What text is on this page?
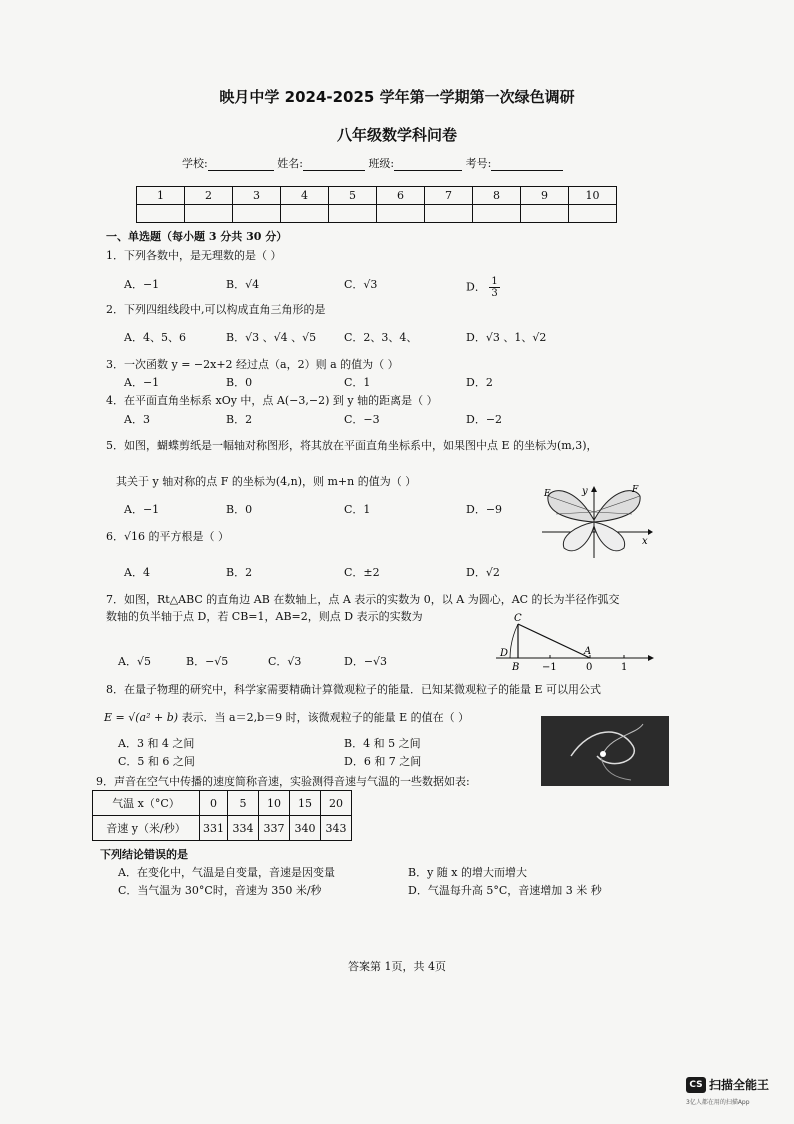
映月中学 2024-2025 学年第一学期第一次绿色调研
八年级数学科问卷
学校:	姓名:	班级:	考号:
1	2	3	4	5	6	7	8	9	10

一、单选题（每小题 3 分共 30 分）
1．下列各数中，是无理数的是（ ）
A．−1	B．√4	C．√3	D． $\frac{1}{3}$
2．下列四组线段中,可以构成直角三角形的是
A．4、5、6	B．√3 、√4 、√5	C．2、3、4、	D．√3 、1、√2
3．一次函数 y = −2x+2 经过点（a，2）则 a 的值为（ ）
A．−1	B．0	C．1	D．2
4．在平面直角坐标系 xOy 中，点 A(−3,−2) 到 y 轴的距离是（ ）
A．3	B．2	C．−3	D．−2
5．如图，蝴蝶剪纸是一幅轴对称图形，将其放在平面直角坐标系中，如果图中点 E 的坐标为(m,3)，
其关于 y 轴对称的点 F 的坐标为(4,n)，则 m+n 的值为（ ）
A．−1	B．0	C．1	D．−9
E	F
y
x
6．√16 的平方根是（ ）
A．4	B．2	C．±2	D．√2
7．如图，Rt△ABC 的直角边 AB 在数轴上，点 A 表示的实数为 0，以 A 为圆心，AC 的长为半径作弧交
数轴的负半轴于点 D，若 CB=1，AB=2，则点 D 表示的实数为
A．√5	B．−√5	C．√3	D．−√3
C
D
B
A
−1	0	1
8．在量子物理的研究中，科学家需要精确计算微观粒子的能量．已知某微观粒子的能量 E 可以用公式
E = √(a² + b) 表示．当 a＝2,b＝9 时，该微观粒子的能量 E 的值在（ ）
A．3 和 4 之间	B．4 和 5 之间
C．5 和 6 之间	D．6 和 7 之间
9．声音在空气中传播的速度简称音速，实验测得音速与气温的一些数据如表:
气温 x（°C）	0	5	10	15	20
音速 y（米/秒）	331	334	337	340	343
下列结论错误的是
A．在变化中，气温是自变量，音速是因变量	B．y 随 x 的增大而增大
C．当气温为 30°C时，音速为 350 米/秒	D．气温每升高 5°C，音速增加 3 米 秒
答案第 1页，共 4页
CS 扫描全能王
3亿人都在用的扫描App
